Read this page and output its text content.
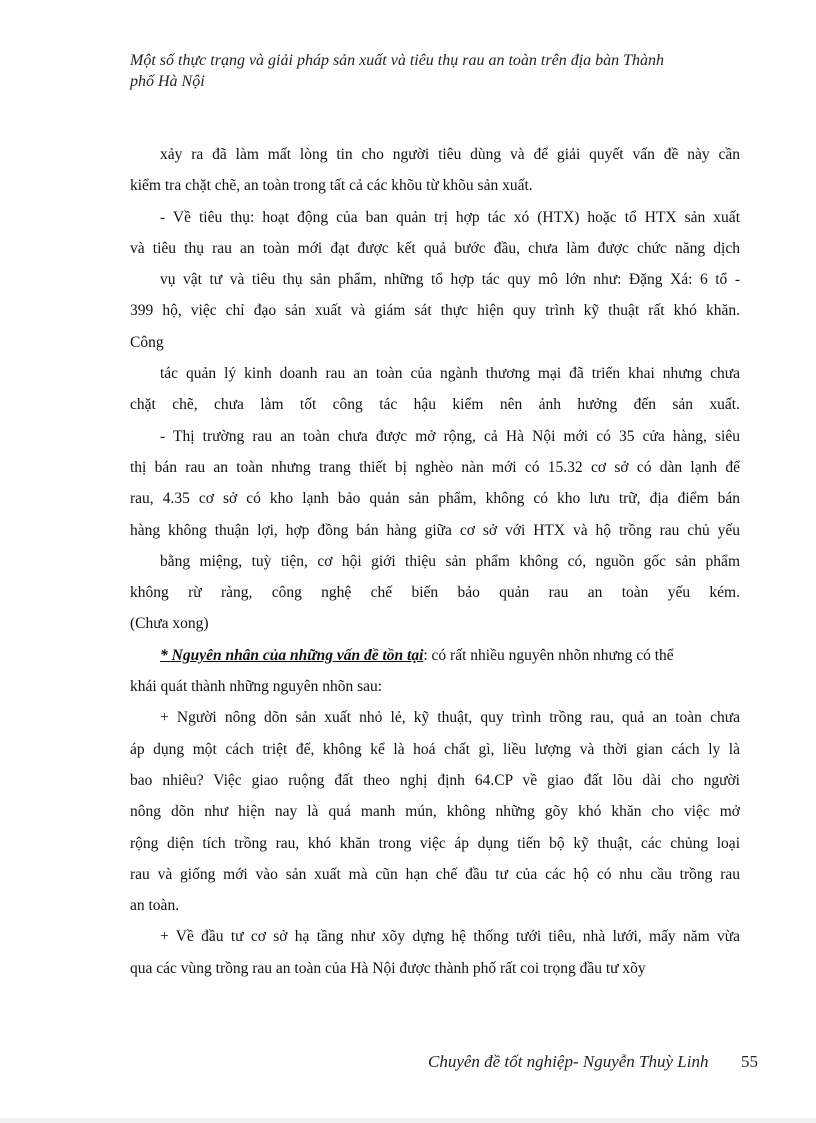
Một số thực trạng và giải pháp sản xuất và tiêu thụ rau an toàn trên địa bàn Thành
phố Hà Nội
xảy ra đã làm mất lòng tin cho người tiêu dùng và để giải quyết vấn đề này cần
kiểm tra chặt chẽ, an toàn trong tất cả các khõu từ khõu sản xuất.
- Về tiêu thụ: hoạt động của ban quản trị hợp tác xó (HTX) hoặc tổ HTX sản xuất
và tiêu thụ rau an toàn mới đạt được kết quả bước đầu, chưa làm được chức năng dịch
vụ vật tư và tiêu thụ sản phẩm, những tổ hợp tác quy mô lớn như: Đặng Xá: 6 tổ -
399 hộ, việc chỉ đạo sản xuất và giám sát thực hiện quy trình kỹ thuật rất khó khăn.
Công
tác quản lý kinh doanh rau an toàn của ngành thương mại đã triển khai nhưng chưa
chặt chẽ, chưa làm tốt công tác hậu kiểm nên ảnh hưởng đến sản xuất.
- Thị trường rau an toàn chưa được mở rộng, cả Hà Nội mới có 35 cửa hàng, siêu
thị bán rau an toàn nhưng trang thiết bị nghèo nàn mới có 15.32 cơ sở có dàn lạnh để
rau, 4.35 cơ sở có kho lạnh bảo quản sản phẩm, không có kho lưu trữ, địa điểm bán
hàng không thuận lợi, hợp đồng bán hàng giữa cơ sở với HTX và hộ trồng rau chủ yếu
bằng miệng, tuỳ tiện, cơ hội giới thiệu sản phẩm không có, nguồn gốc sản phẩm
không rừ ràng, công nghệ chế biến bảo quản rau an toàn yếu kém.
(Chưa xong)
* Nguyên nhân của những vấn đề tồn tại: có rất nhiều nguyên nhõn nhưng có thể
khái quát thành những nguyên nhõn sau:
+ Người nông dõn sản xuất nhỏ lẻ, kỹ thuật, quy trình trồng rau, quả an toàn chưa
áp dụng một cách triệt để, không kể là hoá chất gì, liều lượng và thời gian cách ly là
bao nhiêu? Việc giao ruộng đất theo nghị định 64.CP về giao đất lõu dài cho người
nông dõn như hiện nay là quá manh mún, không những gõy khó khăn cho việc mở
rộng diện tích trồng rau, khó khăn trong việc áp dụng tiến bộ kỹ thuật, các chủng loại
rau và giống mới vào sản xuất mà cũn hạn chế đầu tư của các hộ có nhu cầu trồng rau
an toàn.
+ Về đầu tư cơ sở hạ tầng như xõy dựng hệ thống tưới tiêu, nhà lưới, mấy năm vừa
qua các vùng trồng rau an toàn của Hà Nội được thành phố rất coi trọng đầu tư xõy
Chuyên đề tốt nghiệp- Nguyễn Thuỳ Linh 55
